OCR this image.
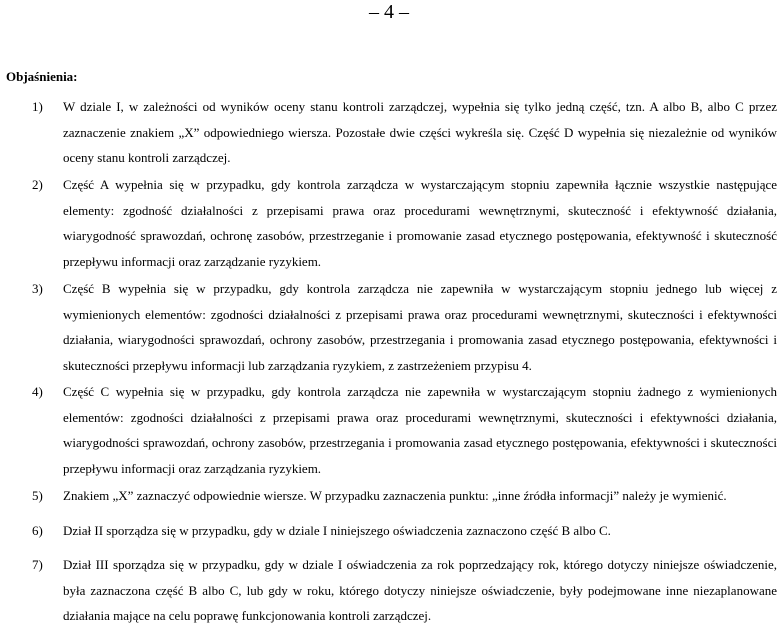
– 4 –
Objaśnienia:
1) W dziale I, w zależności od wyników oceny stanu kontroli zarządczej, wypełnia się tylko jedną część, tzn. A albo B, albo C przez zaznaczenie znakiem „X” odpowiedniego wiersza. Pozostałe dwie części wykreśla się. Część D wypełnia się niezależnie od wyników oceny stanu kontroli zarządczej.
2) Część A wypełnia się w przypadku, gdy kontrola zarządcza w wystarczającym stopniu zapewniła łącznie wszystkie następujące elementy: zgodność działalności z przepisami prawa oraz procedurami wewnętrznymi, skuteczność i efektywność działania, wiarygodność sprawozdań, ochronę zasobów, przestrzeganie i promowanie zasad etycznego postępowania, efektywność i skuteczność przepływu informacji oraz zarządzanie ryzykiem.
3) Część B wypełnia się w przypadku, gdy kontrola zarządcza nie zapewniła w wystarczającym stopniu jednego lub więcej z wymienionych elementów: zgodności działalności z przepisami prawa oraz procedurami wewnętrznymi, skuteczności i efektywności działania, wiarygodności sprawozdań, ochrony zasobów, przestrzegania i promowania zasad etycznego postępowania, efektywności i skuteczności przepływu informacji lub zarządzania ryzykiem, z zastrzeżeniem przypisu 4.
4) Część C wypełnia się w przypadku, gdy kontrola zarządcza nie zapewniła w wystarczającym stopniu żadnego z wymienionych elementów: zgodności działalności z przepisami prawa oraz procedurami wewnętrznymi, skuteczności i efektywności działania, wiarygodności sprawozdań, ochrony zasobów, przestrzegania i promowania zasad etycznego postępowania, efektywności i skuteczności przepływu informacji oraz zarządzania ryzykiem.
5) Znakiem „X” zaznaczyć odpowiednie wiersze. W przypadku zaznaczenia punktu: „inne źródła informacji” należy je wymienić.
6) Dział II sporządza się w przypadku, gdy w dziale I niniejszego oświadczenia zaznaczono część B albo C.
7) Dział III sporządza się w przypadku, gdy w dziale I oświadczenia za rok poprzedzający rok, którego dotyczy niniejsze oświadczenie, była zaznaczona część B albo C, lub gdy w roku, którego dotyczy niniejsze oświadczenie, były podejmowane inne niezaplanowane działania mające na celu poprawę funkcjonowania kontroli zarządczej.
